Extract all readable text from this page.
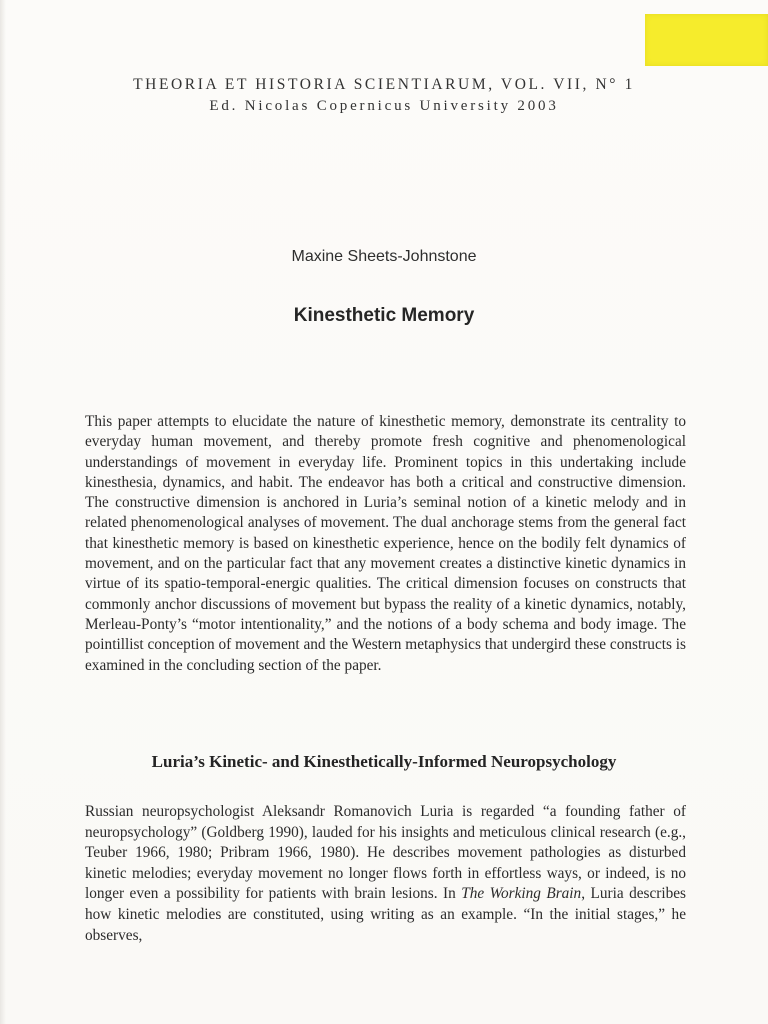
THEORIA ET HISTORIA SCIENTIARUM, VOL. VII, N° 1
Ed. Nicolas Copernicus University 2003
Maxine Sheets-Johnstone
Kinesthetic Memory

This paper attempts to elucidate the nature of kinesthetic memory, demonstrate its centrality to everyday human movement, and thereby promote fresh cognitive and phenomenological understandings of movement in everyday life. Prominent topics in this undertaking include kinesthesia, dynamics, and habit. The endeavor has both a critical and constructive dimension. The constructive dimension is anchored in Luria’s seminal notion of a kinetic melody and in related phenomenological analyses of movement. The dual anchorage stems from the general fact that kinesthetic memory is based on kinesthetic experience, hence on the bodily felt dynamics of movement, and on the particular fact that any movement creates a distinctive kinetic dynamics in virtue of its spatio-temporal-energic qualities. The critical dimension focuses on constructs that commonly anchor discussions of movement but bypass the reality of a kinetic dynamics, notably, Merleau-Ponty’s “motor intentionality,” and the notions of a body schema and body image. The pointillist conception of movement and the Western metaphysics that undergird these constructs is examined in the concluding section of the paper.

Luria’s Kinetic- and Kinesthetically-Informed Neuropsychology

Russian neuropsychologist Aleksandr Romanovich Luria is regarded “a founding father of neuropsychology” (Goldberg 1990), lauded for his insights and meticulous clinical research (e.g., Teuber 1966, 1980; Pribram 1966, 1980). He describes movement pathologies as disturbed kinetic melodies; everyday movement no longer flows forth in effortless ways, or indeed, is no longer even a possibility for patients with brain lesions. In The Working Brain, Luria describes how kinetic melodies are constituted, using writing as an example. “In the initial stages,” he observes,
